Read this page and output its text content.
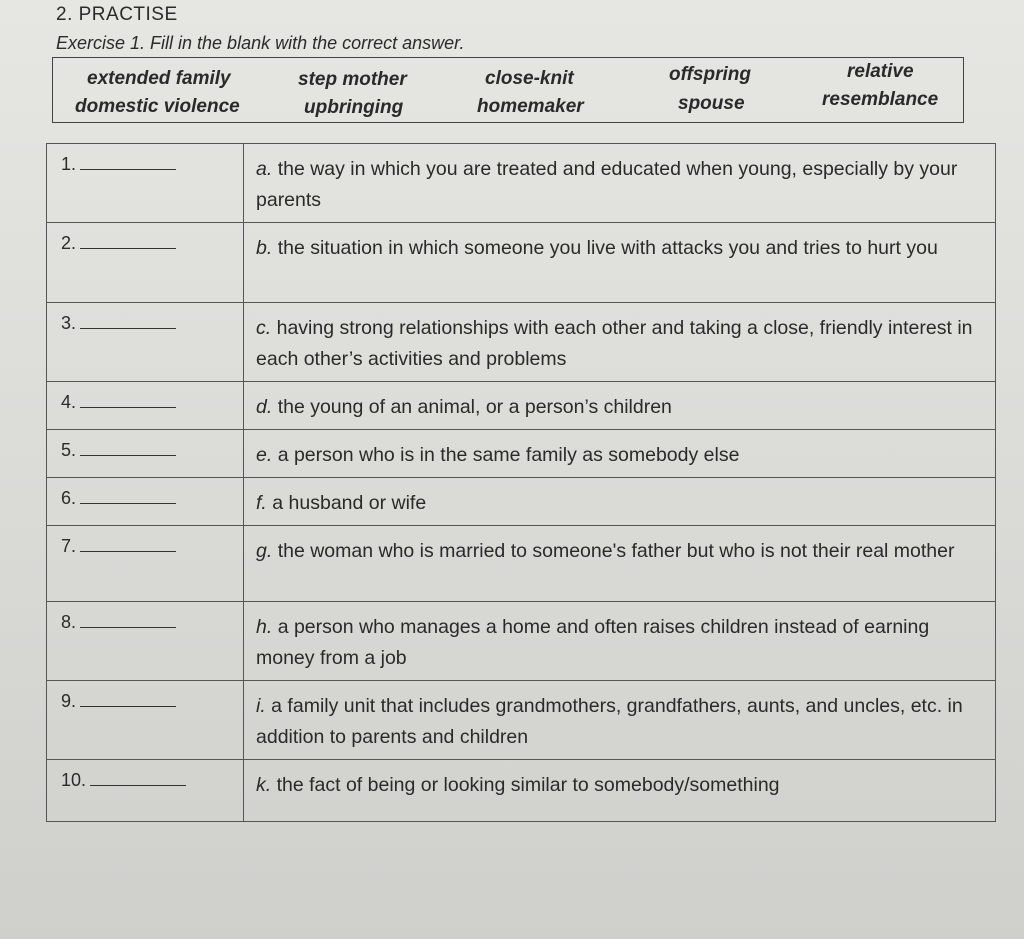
2. PRACTISE
Exercise 1. Fill in the blank with the correct answer.
extended family	step mother	close-knit	offspring	relative
domestic violence	upbringing	homemaker	spouse	resemblance
1.	a. the way in which you are treated and educated when young, especially by your parents
2.	b. the situation in which someone you live with attacks you and tries to hurt you
3.	c. having strong relationships with each other and taking a close, friendly interest in each other’s activities and problems
4.	d. the young of an animal, or a person’s children
5.	e. a person who is in the same family as somebody else
6.	f. a husband or wife
7.	g. the woman who is married to someone's father but who is not their real mother
8.	h. a person who manages a home and often raises children instead of earning money from a job
9.	i. a family unit that includes grandmothers, grandfathers, aunts, and uncles, etc. in addition to parents and children
10.	k. the fact of being or looking similar to somebody/something
